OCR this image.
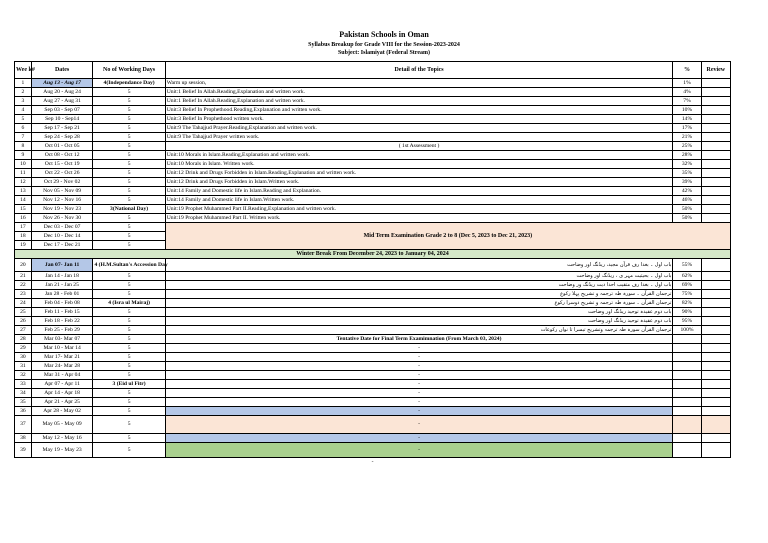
Pakistan Schools in Oman
Syllabus Breakup for Grade VIII for the Session-2023-2024
Subject: Islamiyat (Federal Stream)
Wee k#	Dates	No of Working Days	Detail of the Topics	%	Review
1	Aug 13 - Aug 17	4(Independance Day)	Warm up session,	1%	
2	Aug 20 - Aug 24	5	Unit:1 Belief In Allah.Reading,Explanation and written work.	4%	
3	Aug 27 - Aug 31	5	Unit:1 Belief In Allah.Reading,Explanation and written work.	7%	
4	Sep 03 - Sep 07	5	Unit:3 Belief In Prophethood.Reading,Explanation and written work.	10%	
5	Sep 10 - Sep14	5	Unit:3 Belief In Prophethood written work.	14%	
6	Sep 17 - Sep 21	5	Unit:9 The Tahajjud Prayer.Reading,Explanation and written work.	17%	
7	Sep 24 - Sep 28	5	Unit:9 The Tahajjud Prayer written work.	21%	
8	Oct 01 - Oct 05	5	( 1st Assessment )	25%	
9	Oct 08 - Oct 12	5	Unit:10 Morals in Islam.Reading,Explanation and written work.	28%	
10	Oct 15 - Oct 19	5	Unit:10 Morals in Islam. Written work.	32%	
11	Oct 22 - Oct 26	5	Unit:12 Drink and Drugs Forbidden in Islam.Reading,Explanation and written work.	35%	
12	Oct 29 - Nov 02	5	Unit:12 Drink and Drugs Forbidden in Islam.Written work.	39%	
13	Nov 05 - Nov 09	5	Unit:14 Family and Domestic life in Islam.Reading and Explanation.	42%	
14	Nov 12 - Nov 16	5	Unit:14 Family and Domestic life in Islam.Written work.	46%	
15	Nov 19 - Nov 23	3(National Day)	Unit:19 Prophet Muhammed Part II.Reading,Explanation and written work.	50%	
16	Nov 26 - Nov 30	5	Unit:19 Prophet Muhammed Part II. Written work.	50%	
17	Dec 03 - Dec 07	5	Mid Term Examination Grade 2 to 8 (Dec 5, 2023 to Dec 21, 2023)		
18	Dec 10 - Dec 14	5			
19	Dec 17 - Dec 21	5			
Winter Break From December 24, 2023 to January 04, 2024					
20	Jan 07- Jan 11	4 (H.M.Sultan's Accession Day	باب اول ۔ بغدا رف قرآن مجید، ریڈنگ اور وضاحت	55%	
21	Jan 14 - Jan 18	5	باب اول ۔ بحیثیت مہر ی ، ریڈنگ اور وضاحت	62%	
22	Jan 21 - Jan 25	5	باب اول ۔ بغدا رف متقیب احدا دیت ریڈنگ ور وضاحت	69%	
23	Jan 28 - Feb 01	5	ترجمان القرآن ۔ سورہ طہ ترجمہ و تشریح پہلا رکوع	75%	
24	Feb 04 - Feb 08	4 (Isra ul Mairaj)	ترجمان القرآن ۔ سورہ طہ ترجمہ و تشریح دوسرا رکوع	82%	
25	Feb 11 - Feb 15	5	باب دوم عقیدہ توحید ریڈنگ اور وضاحت	90%	
26	Feb 18 - Feb 22	5	باب دوم عقیدہ توحید ریڈنگ اور وضاحت	95%	
27	Feb 25 - Feb 29	5	ترجمان القرآن سورہ طہ ترجمہ وتشریح تیسرا تا نواں رکوعات	100%	
28	Mar 03- Mar 07	5	Tentative Date for Final Term Examimnation (From March 03, 2024)		
29	Mar 10 - Mar 14	5	-		
30	Mar 17- Mar 21	5	-		
31	Mar 24- Mar 28	5	-		
32	Mar 31 - Apr 04	5	-		
33	Apr 07 - Apr 11	3 (Eid ul Fitr)	-		
34	Apr 14 - Apr 18	5	-		
35	Apr 21 - Apr 25	5	-		
36	Apr 28 - May 02	5	-		
37	May 05 - May 09	5	-		
38	May 12 - May 16	5	-		
39	May 19 - May 23	5	-		
-					
